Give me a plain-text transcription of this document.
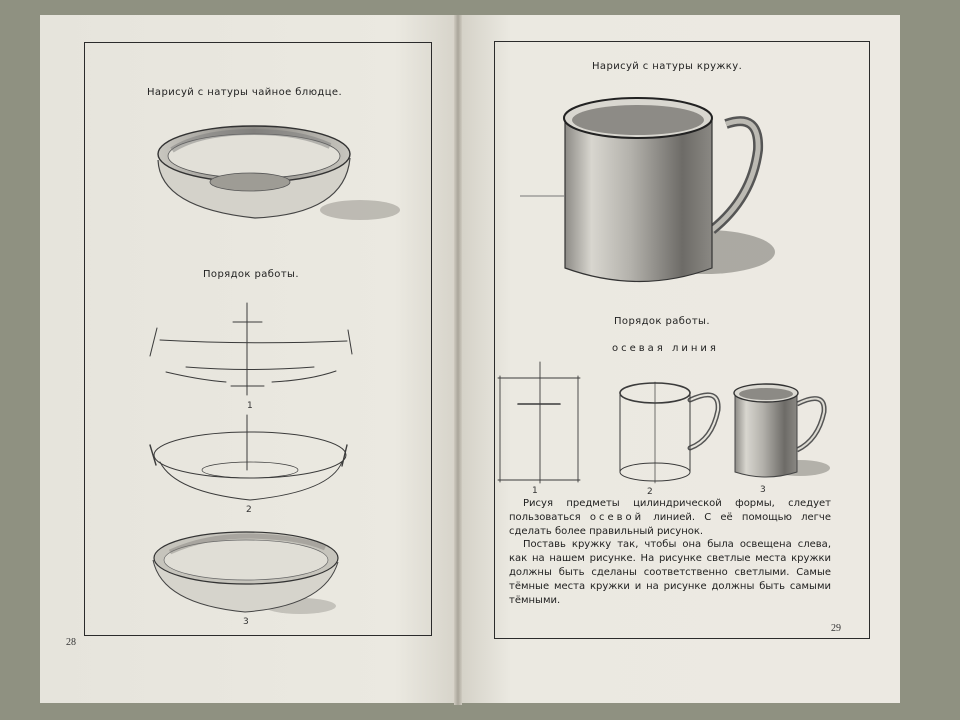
Нарисуй с натуры чайное блюдце.
Порядок работы.
1
2
3
28
Нарисуй с натуры кружку.
Порядок работы.
осевая линия
1	2	3
29

Рисуя предметы цилиндрической формы, следует пользоваться осевой линией. С её помощью легче сделать более правильный рисунок.

Поставь кружку так, чтобы она была освещена слева, как на нашем рисунке. На рисунке светлые места кружки должны быть сделаны соответственно светлыми. Самые тёмные места кружки и на рисунке должны быть самыми тёмными.
